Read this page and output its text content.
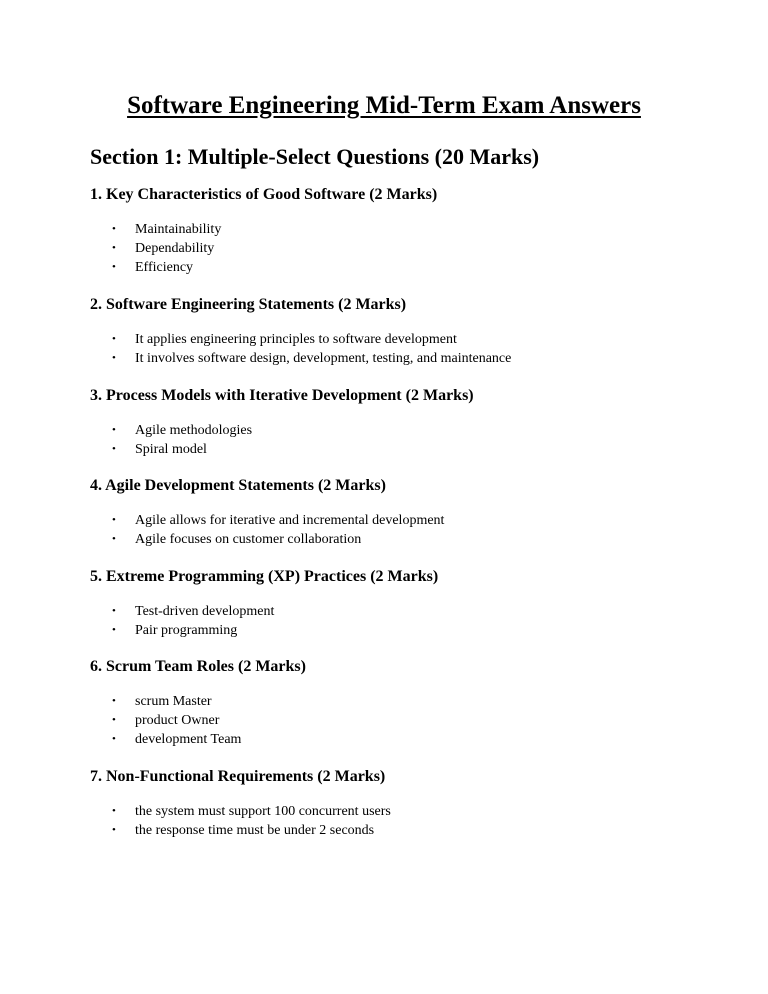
Software Engineering Mid-Term Exam Answers
Section 1: Multiple-Select Questions (20 Marks)
1. Key Characteristics of Good Software (2 Marks)
• Maintainability
• Dependability
• Efficiency
2. Software Engineering Statements (2 Marks)
• It applies engineering principles to software development
• It involves software design, development, testing, and maintenance
3. Process Models with Iterative Development (2 Marks)
• Agile methodologies
• Spiral model
4. Agile Development Statements (2 Marks)
• Agile allows for iterative and incremental development
• Agile focuses on customer collaboration
5. Extreme Programming (XP) Practices (2 Marks)
• Test-driven development
• Pair programming
6. Scrum Team Roles (2 Marks)
• scrum Master
• product Owner
• development Team
7. Non-Functional Requirements (2 Marks)
• the system must support 100 concurrent users
• the response time must be under 2 seconds
